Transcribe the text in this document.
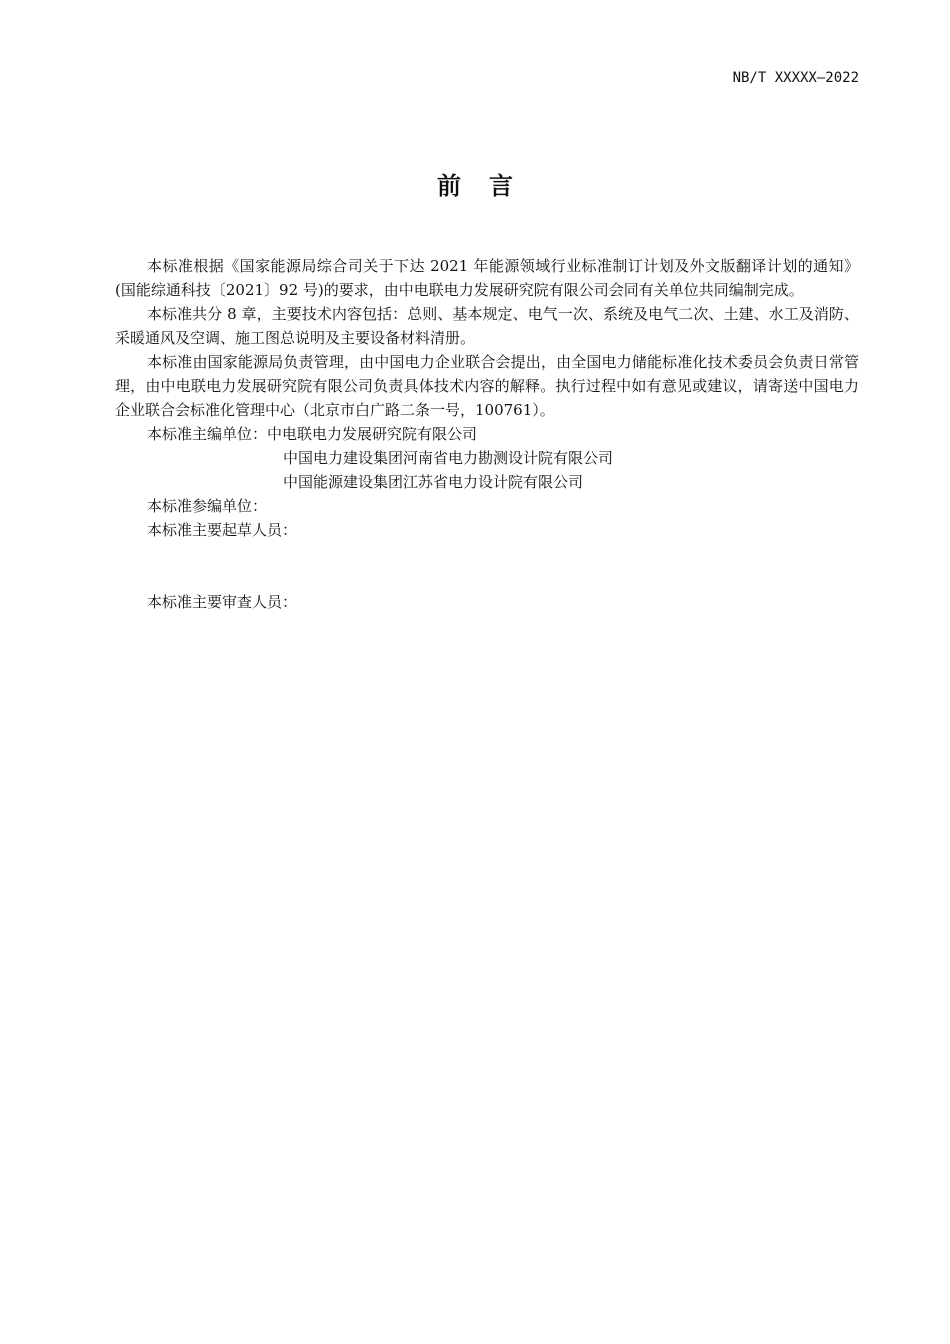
NB/T XXXXX—2022
前言

本标准根据《国家能源局综合司关于下达 2021 年能源领域行业标准制订计划及外文版翻译计划的通知》(国能综通科技〔2021〕92 号)的要求，由中电联电力发展研究院有限公司会同有关单位共同编制完成。

本标准共分 8 章，主要技术内容包括：总则、基本规定、电气一次、系统及电气二次、土建、水工及消防、采暖通风及空调、施工图总说明及主要设备材料清册。

本标准由国家能源局负责管理，由中国电力企业联合会提出，由全国电力储能标准化技术委员会负责日常管理，由中电联电力发展研究院有限公司负责具体技术内容的解释。执行过程中如有意见或建议，请寄送中国电力企业联合会标准化管理中心（北京市白广路二条一号，100761）。

本标准主编单位：中电联电力发展研究院有限公司

中国电力建设集团河南省电力勘测设计院有限公司

中国能源建设集团江苏省电力设计院有限公司

本标准参编单位：

本标准主要起草人员：

本标准主要审查人员：
